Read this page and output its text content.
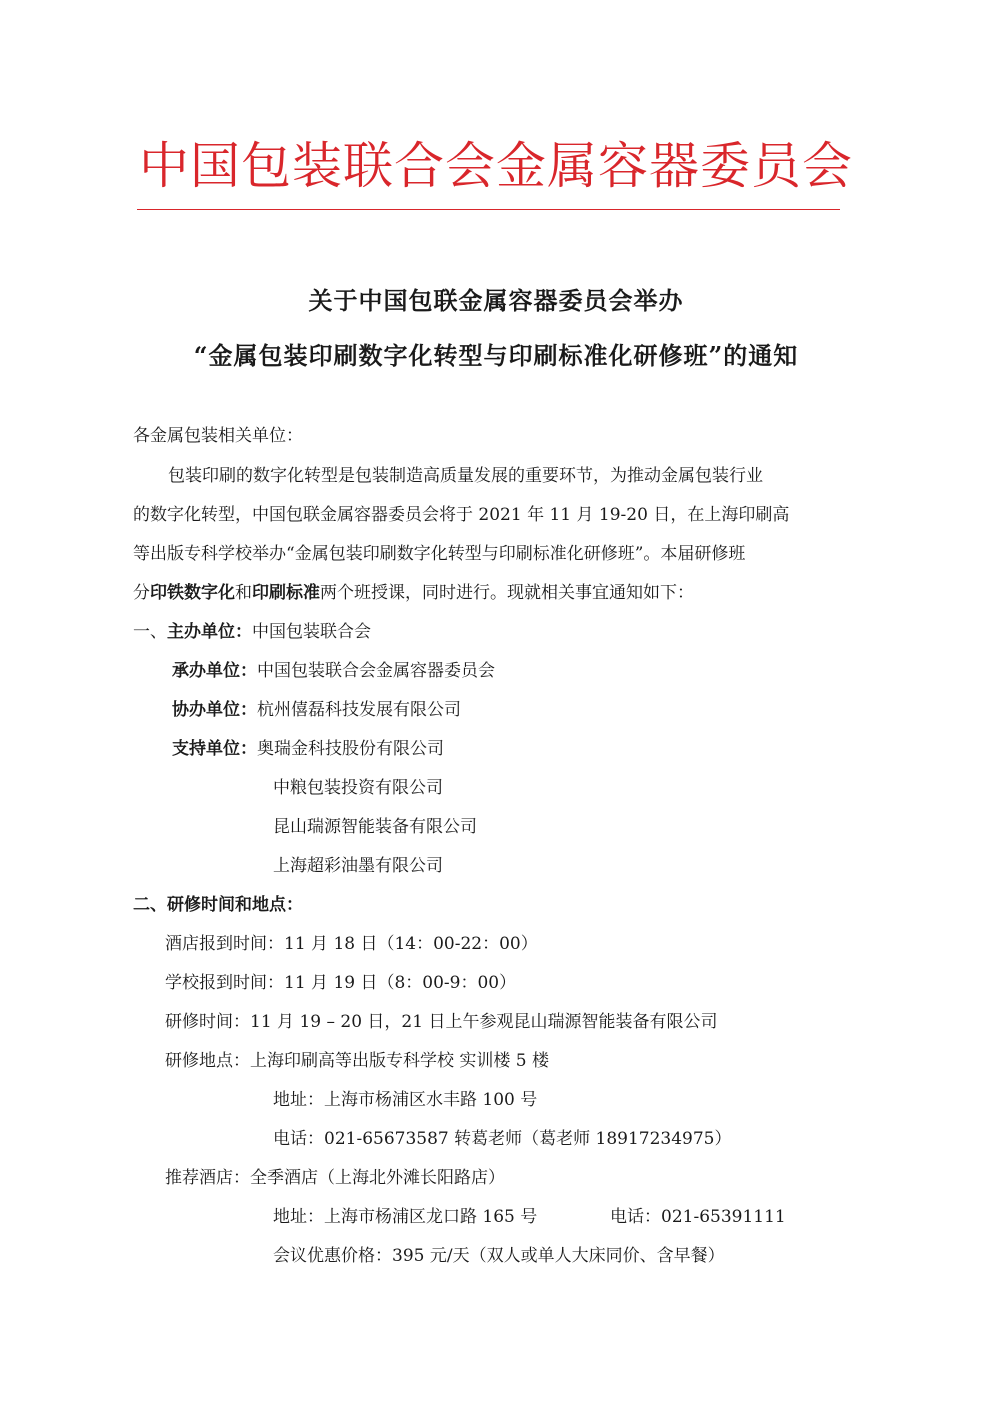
中国包装联合会金属容器委员会
关于中国包联金属容器委员会举办
“金属包装印刷数字化转型与印刷标准化研修班”的通知
各金属包装相关单位：
包装印刷的数字化转型是包装制造高质量发展的重要环节，为推动金属包装行业
的数字化转型，中国包联金属容器委员会将于 2021 年 11 月 19-20 日，在上海印刷高
等出版专科学校举办“金属包装印刷数字化转型与印刷标准化研修班”。本届研修班
分印铁数字化和印刷标准两个班授课，同时进行。现就相关事宜通知如下：
一、主办单位：中国包装联合会
承办单位：中国包装联合会金属容器委员会
协办单位：杭州僖磊科技发展有限公司
支持单位：奥瑞金科技股份有限公司
中粮包装投资有限公司
昆山瑞源智能装备有限公司
上海超彩油墨有限公司
二、研修时间和地点：
酒店报到时间：11 月 18 日（14：00-22：00）
学校报到时间：11 月 19 日（8：00-9：00）
研修时间：11 月 19 – 20 日，21 日上午参观昆山瑞源智能装备有限公司
研修地点：上海印刷高等出版专科学校 实训楼 5 楼
地址：上海市杨浦区水丰路 100 号
电话：021-65673587 转葛老师（葛老师 18917234975）
推荐酒店：全季酒店（上海北外滩长阳路店）
地址：上海市杨浦区龙口路 165 号	电话：021-65391111
会议优惠价格：395 元/天（双人或单人大床同价、含早餐）
